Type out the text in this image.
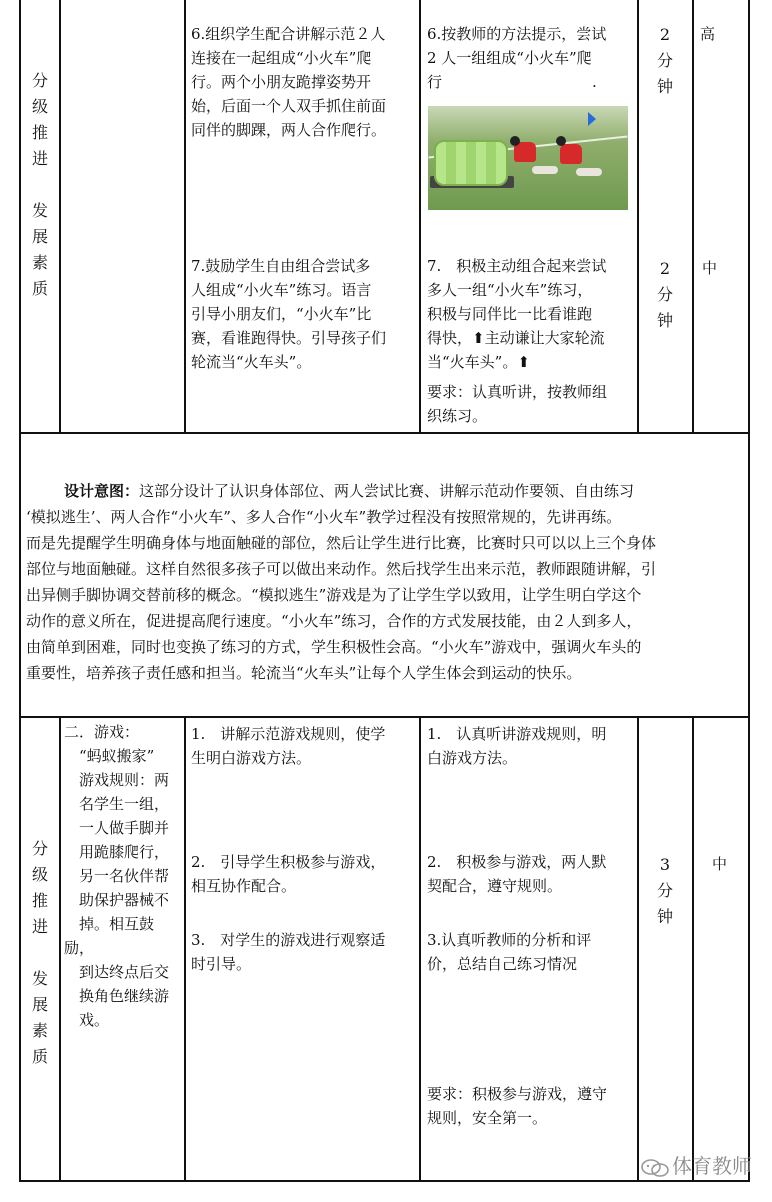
分
级
推
进
发
展
素
质
6.组织学生配合讲解示范２人
连接在一起组成“小火车”爬
行。两个小朋友跪撑姿势开
始，后面一个人双手抓住前面
同伴的脚踝，两人合作爬行。
6.按教师的方法提示，尝试
2 人一组组成“小火车”爬
行　　　　　　　　　　.
2
分
钟
高
7.鼓励学生自由组合尝试多
人组成“小火车”练习。语言
引导小朋友们，“小火车”比
赛，看谁跑得快。引导孩子们
轮流当“火车头”。
7.　积极主动组合起来尝试
多人一组“小火车”练习，
积极与同伴比一比看谁跑
得快，⬆主动谦让大家轮流
当“火车头”。⬆
要求：认真听讲，按教师组
织练习。
2
分
钟
中
设计意图：这部分设计了认识身体部位、两人尝试比赛、讲解示范动作要领、自由练习
‘模拟逃生’、两人合作“小火车”、多人合作“小火车”教学过程没有按照常规的，先讲再练。
而是先提醒学生明确身体与地面触碰的部位，然后让学生进行比赛，比赛时只可以以上三个身体
部位与地面触碰。这样自然很多孩子可以做出来动作。然后找学生出来示范，教师跟随讲解，引
出异侧手脚协调交替前移的概念。“模拟逃生”游戏是为了让学生学以致用，让学生明白学这个
动作的意义所在，促进提高爬行速度。“小火车”练习，合作的方式发展技能，由２人到多人，
由简单到困难，同时也变换了练习的方式，学生积极性会高。“小火车”游戏中，强调火车头的
重要性，培养孩子责任感和担当。轮流当“火车头”让每个人学生体会到运动的快乐。
分
级
推
进
发
展
素
质
二．游戏：
　“蚂蚁搬家”
　游戏规则：两
　名学生一组，
　一人做手脚并
　用跪膝爬行，
　另一名伙伴帮
　助保护器械不
　掉。相互鼓励，
　到达终点后交
　换角色继续游
　戏。
1.　讲解示范游戏规则，使学
生明白游戏方法。
2.　引导学生积极参与游戏，
相互协作配合。
3.　对学生的游戏进行观察适
时引导。
1.　认真听讲游戏规则，明
白游戏方法。
2.　积极参与游戏，两人默
契配合，遵守规则。
3.认真听教师的分析和评
价，总结自己练习情况
要求：积极参与游戏，遵守
规则，安全第一。
3
分
钟
中
体育教师
